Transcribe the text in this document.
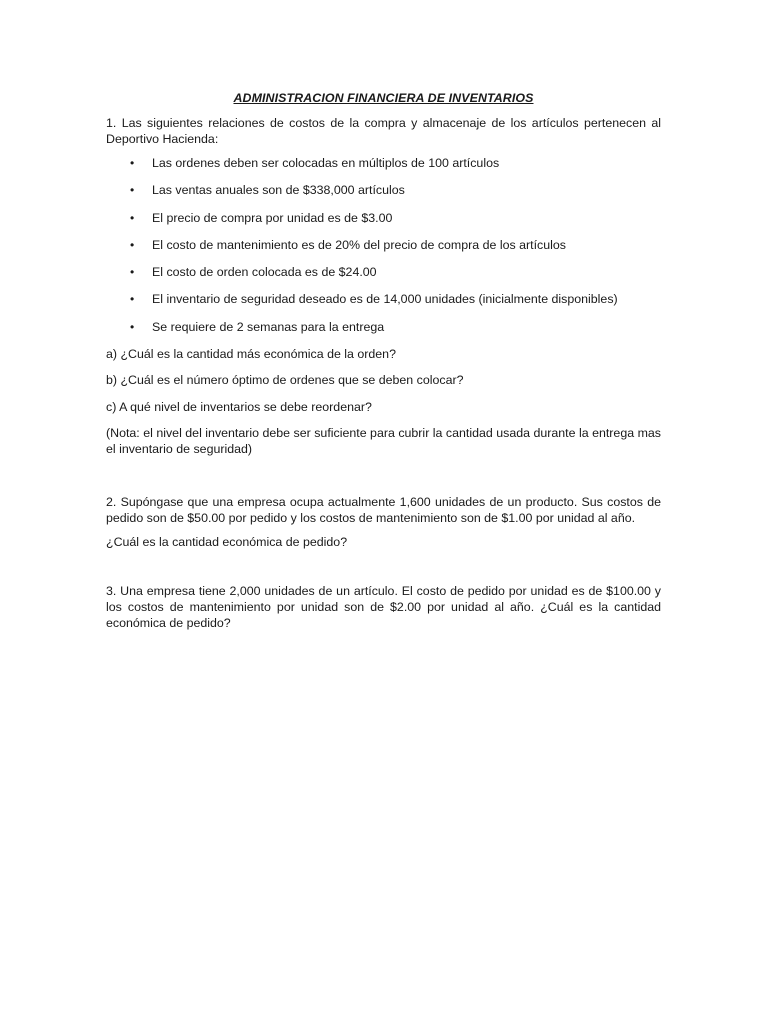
ADMINISTRACION FINANCIERA DE INVENTARIOS

1. Las siguientes relaciones de costos de la compra y almacenaje de los artículos pertenecen al Deportivo Hacienda:

• Las ordenes deben ser colocadas en múltiplos de 100 artículos
• Las ventas anuales son de $338,000 artículos
• El precio de compra por unidad es de $3.00
• El costo de mantenimiento es de 20% del precio de compra de los artículos
• El costo de orden colocada es de $24.00
• El inventario de seguridad deseado es de 14,000 unidades (inicialmente disponibles)
• Se requiere de 2 semanas para la entrega

a) ¿Cuál es la cantidad más económica de la orden?

b) ¿Cuál es el número óptimo de ordenes que se deben colocar?

c) A qué nivel de inventarios se debe reordenar?

(Nota: el nivel del inventario debe ser suficiente para cubrir la cantidad usada durante la entrega mas el inventario de seguridad)

2. Supóngase que una empresa ocupa actualmente 1,600 unidades de un producto. Sus costos de pedido son de $50.00 por pedido y los costos de mantenimiento son de $1.00 por unidad al año.

¿Cuál es la cantidad económica de pedido?

3. Una empresa tiene 2,000 unidades de un artículo. El costo de pedido por unidad es de $100.00 y los costos de mantenimiento por unidad son de $2.00 por unidad al año. ¿Cuál es la cantidad económica de pedido?
